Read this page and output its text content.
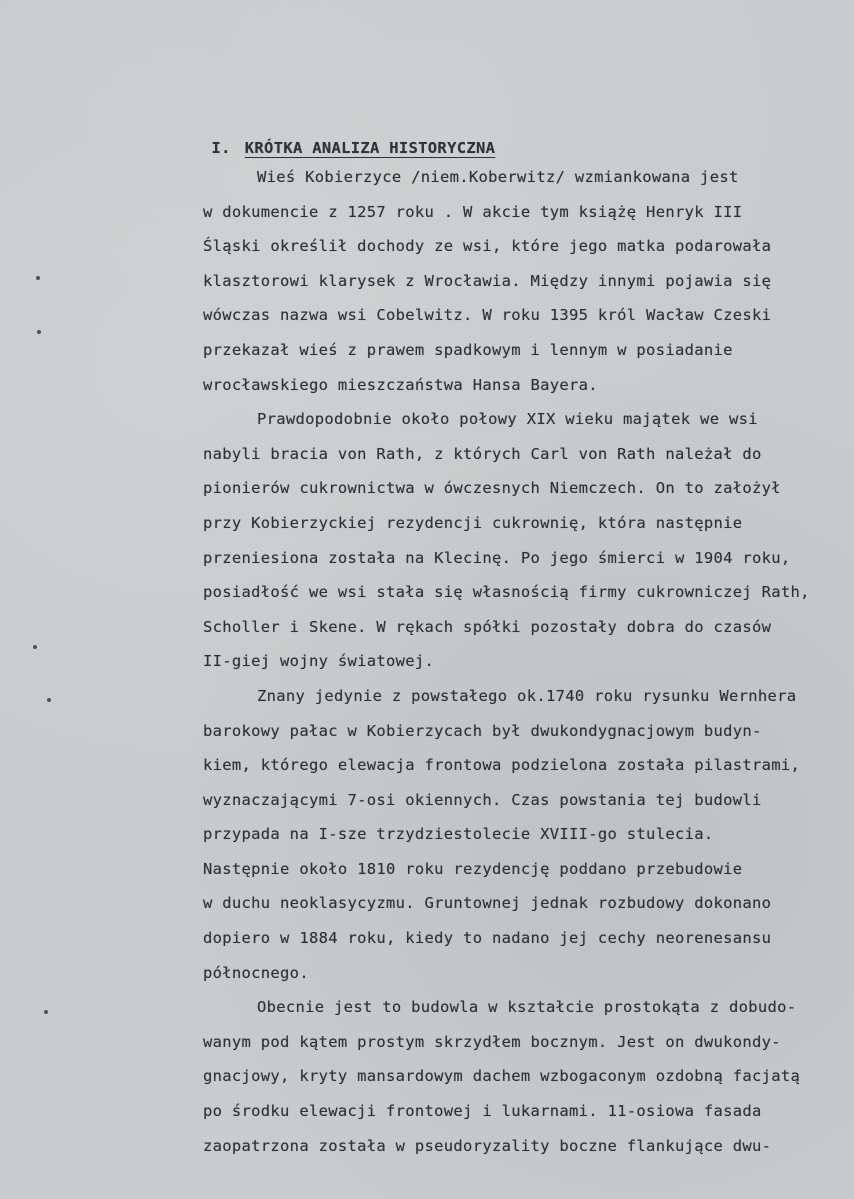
I. KRÓTKA ANALIZA HISTORYCZNA

Wieś Kobierzyce /niem.Koberwitz/ wzmiankowana jest
w dokumencie z 1257 roku . W akcie tym książę Henryk III
Śląski określił dochody ze wsi, które jego matka podarowała
klasztorowi klarysek z Wrocławia. Między innymi pojawia się
wówczas nazwa wsi Cobelwitz. W roku 1395 król Wacław Czeski
przekazał wieś z prawem spadkowym i lennym w posiadanie
wrocławskiego mieszczaństwa Hansa Bayera.
Prawdopodobnie około połowy XIX wieku majątek we wsi
nabyli bracia von Rath, z których Carl von Rath należał do
pionierów cukrownictwa w ówczesnych Niemczech. On to założył
przy Kobierzyckiej rezydencji cukrownię, która następnie
przeniesiona została na Klecinę. Po jego śmierci w 1904 roku,
posiadłość we wsi stała się własnością firmy cukrowniczej Rath,
Scholler i Skene. W rękach spółki pozostały dobra do czasów
II-giej wojny światowej.
Znany jedynie z powstałego ok.1740 roku rysunku Wernhera
barokowy pałac w Kobierzycach był dwukondygnacjowym budyn-
kiem, którego elewacja frontowa podzielona została pilastrami,
wyznaczającymi 7-osi okiennych. Czas powstania tej budowli
przypada na I-sze trzydziestolecie XVIII-go stulecia.
Następnie około 1810 roku rezydencję poddano przebudowie
w duchu neoklasycyzmu. Gruntownej jednak rozbudowy dokonano
dopiero w 1884 roku, kiedy to nadano jej cechy neorenesansu
północnego.
Obecnie jest to budowla w kształcie prostokąta z dobudo-
wanym pod kątem prostym skrzydłem bocznym. Jest on dwukondy-
gnacjowy, kryty mansardowym dachem wzbogaconym ozdobną facjatą
po środku elewacji frontowej i lukarnami. 11-osiowa fasada
zaopatrzona została w pseudoryzality boczne flankujące dwu-
